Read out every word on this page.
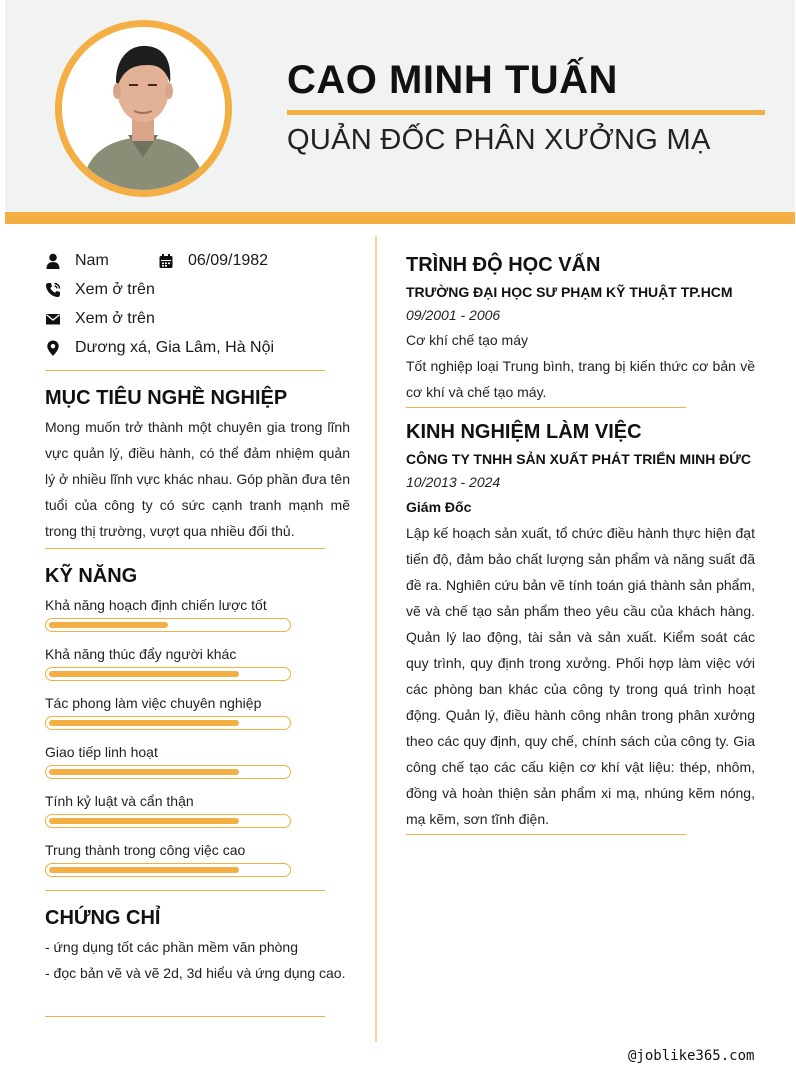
CAO MINH TUẤN
QUẢN ĐỐC PHÂN XƯỞNG MẠ
Nam	06/09/1982
Xem ở trên
Xem ở trên
Dương xá, Gia Lâm, Hà Nội
MỤC TIÊU NGHỀ NGHIỆP
Mong muốn trở thành một chuyên gia trong lĩnh vực quản lý, điều hành, có thể đảm nhiệm quản lý ở nhiều lĩnh vực khác nhau. Góp phần đưa tên tuổi của công ty có sức cạnh tranh mạnh mẽ trong thị trường, vượt qua nhiều đối thủ.
KỸ NĂNG
Khả năng hoạch định chiến lược tốt
Khả năng thúc đẩy người khác
Tác phong làm việc chuyên nghiệp
Giao tiếp linh hoạt
Tính kỷ luật và cẩn thận
Trung thành trong công việc cao
CHỨNG CHỈ
- ứng dụng tốt các phần mềm văn phòng
- đọc bản vẽ và vẽ 2d, 3d hiểu và ứng dụng cao.
TRÌNH ĐỘ HỌC VẤN
TRƯỜNG ĐẠI HỌC SƯ PHẠM KỸ THUẬT TP.HCM
09/2001 - 2006
Cơ khí chế tạo máy
Tốt nghiệp loại Trung bình, trang bị kiến thức cơ bản về cơ khí và chế tạo máy.
KINH NGHIỆM LÀM VIỆC
CÔNG TY TNHH SẢN XUẤT PHÁT TRIỂN MINH ĐỨC
10/2013 - 2024
Giám Đốc
Lập kế hoạch sản xuất, tổ chức điều hành thực hiện đạt tiến độ, đảm bảo chất lượng sản phẩm và năng suất đã đề ra. Nghiên cứu bản vẽ tính toán giá thành sản phẩm, vẽ và chế tạo sản phẩm theo yêu cầu của khách hàng. Quản lý lao động, tài sản và sản xuất. Kiểm soát các quy trình, quy định trong xưởng. Phối hợp làm việc với các phòng ban khác của công ty trong quá trình hoạt động. Quản lý, điều hành công nhân trong phân xưởng theo các quy định, quy chế, chính sách của công ty. Gia công chế tạo các cấu kiện cơ khí vật liệu: thép, nhôm, đồng và hoàn thiện sản phẩm xi mạ, nhúng kẽm nóng, mạ kẽm, sơn tĩnh điện.
@joblike365.com
